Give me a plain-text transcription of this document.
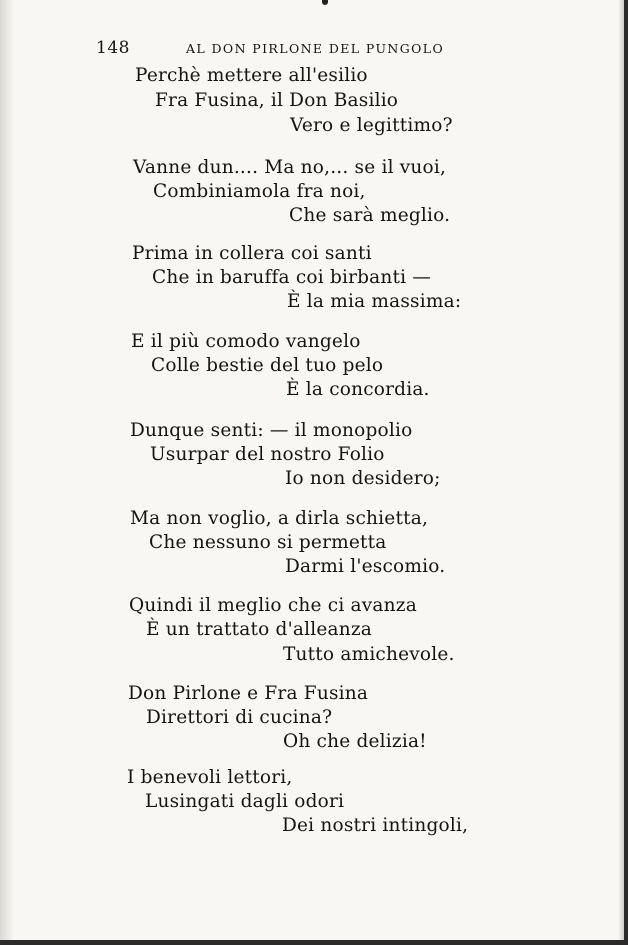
148	AL DON PIRLONE DEL PUNGOLO
Perchè mettere all'esilio
Fra Fusina, il Don Basilio
Vero e legittimo?
Vanne dun.... Ma no,... se il vuoi,
Combiniamola fra noi,
Che sarà meglio.
Prima in collera coi santi
Che in baruffa coi birbanti —
È la mia massima:
E il più comodo vangelo
Colle bestie del tuo pelo
È la concordia.
Dunque senti: — il monopolio
Usurpar del nostro Folio
Io non desidero;
Ma non voglio, a dirla schietta,
Che nessuno si permetta
Darmi l'escomio.
Quindi il meglio che ci avanza
È un trattato d'alleanza
Tutto amichevole.
Don Pirlone e Fra Fusina
Direttori di cucina?
Oh che delizia!
I benevoli lettori,
Lusingati dagli odori
Dei nostri intingoli,
